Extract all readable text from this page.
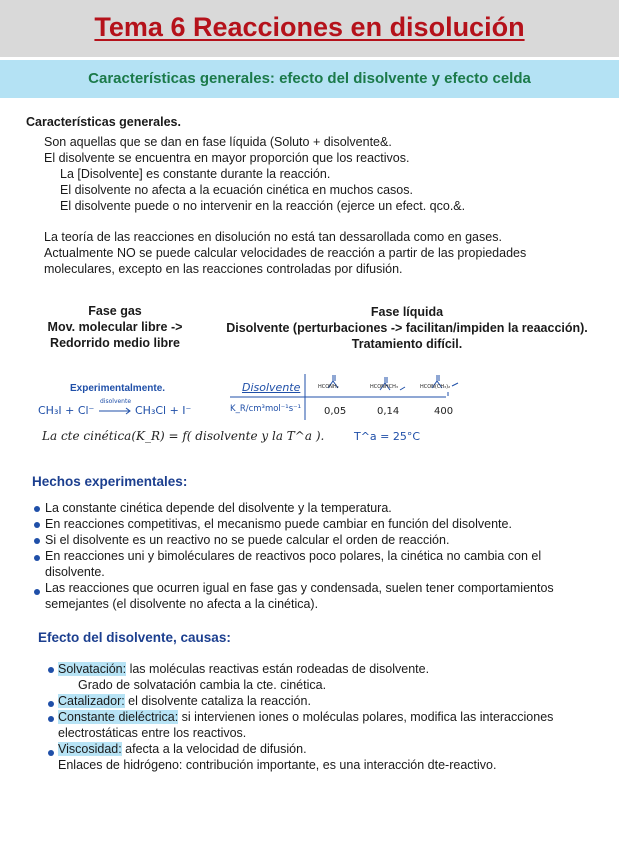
Tema 6 Reacciones en disolución
Características generales: efecto del disolvente y efecto celda
Características generales.
Son aquellas que se dan en fase líquida (Soluto + disolvente&.
El disolvente se encuentra en mayor proporción que los reactivos.
La [Disolvente] es constante durante la reacción.
El disolvente no afecta a la ecuación cinética en muchos casos.
El disolvente puede o no intervenir en la reacción (ejerce un efect. qco.&.
La teoría de las reacciones en disolución no está tan dessarollada como en gases.
Actualmente NO se puede calcular velocidades de reacción a partir de las propiedades
moleculares, excepto en las reacciones controladas por difusión.
Fase gas
Mov. molecular libre ->
Redorrido medio libre
Fase líquida
Disolvente (perturbaciones -> facilitan/impiden la reaacción).
Tratamiento difícil.
Experimentalmente.
CH₃I + Cl⁻
disolvente
CH₃Cl + I⁻
Disolvente
K_R/cm³mol⁻¹s⁻¹
HCONH₂	HCONHCH₃	HCON(CH₃)₂
0,05	0,14	400
La cte cinética(K_R) = f( disolvente y la T^a ).	T^a = 25°C
Hechos experimentales:
La constante cinética depende del disolvente y la temperatura.
En reacciones competitivas, el mecanismo puede cambiar en función del disolvente.
Si el disolvente es un reactivo no se puede calcular el orden de reacción.
En reacciones uni y bimoléculares de reactivos poco polares, la cinética no cambia con el
disolvente.
Las reacciones que ocurren igual en fase gas y condensada, suelen tener comportamientos
semejantes (el disolvente no afecta a la cinética).
Efecto del disolvente, causas:
Solvatación: las moléculas reactivas están rodeadas de disolvente.
Grado de solvatación cambia la cte. cinética.
Catalizador: el disolvente cataliza la reacción.
Constante dieléctrica: si intervienen iones o moléculas polares, modifica las interacciones
electrostáticas entre los reactivos.
Viscosidad: afecta a la velocidad de difusión.
Enlaces de hidrógeno: contribución importante, es una interacción dte-reactivo.
